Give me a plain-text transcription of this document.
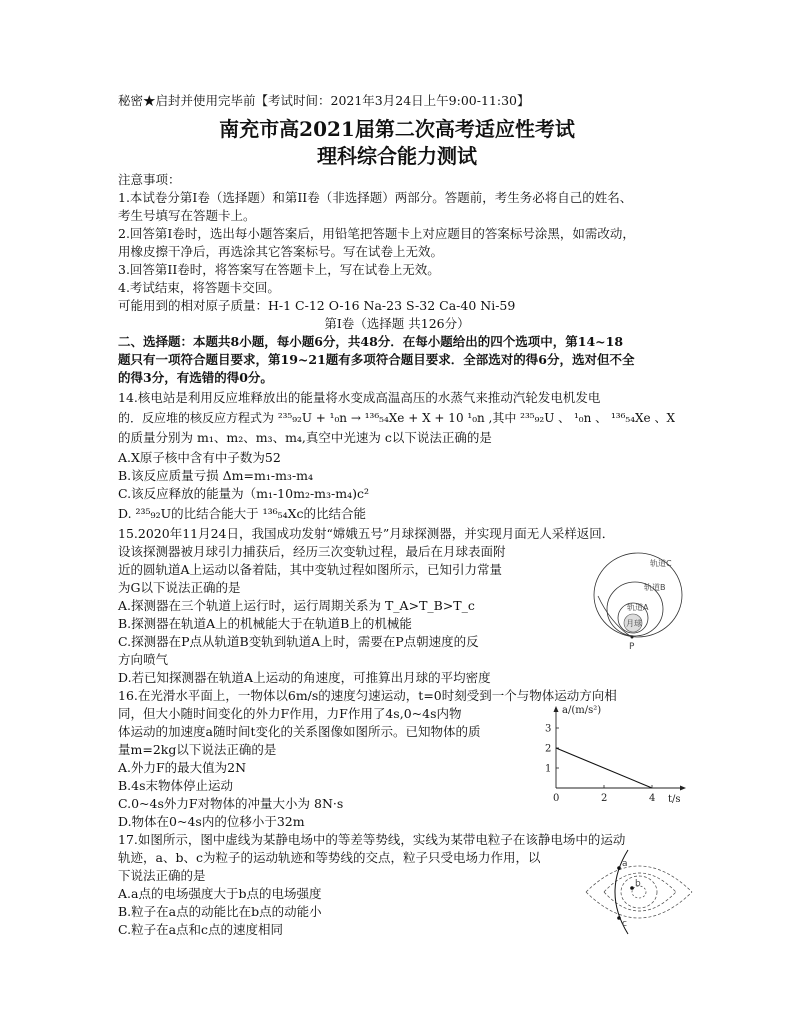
秘密★启封并使用完毕前【考试时间：2021年3月24日上午9:00-11:30】
南充市高2021届第二次高考适应性考试
理科综合能力测试
注意事项：
1.本试卷分第Ⅰ卷（选择题）和第II卷（非选择题）两部分。答题前，考生务必将自己的姓名、
考生号填写在答题卡上。
2.回答第Ⅰ卷时，选出每小题答案后，用铅笔把答题卡上对应题目的答案标号涂黑，如需改动，
用橡皮擦干净后，再选涂其它答案标号。写在试卷上无效。
3.回答第II卷时，将答案写在答题卡上，写在试卷上无效。
4.考试结束，将答题卡交回。
可能用到的相对原子质量：H-1 C-12 O-16 Na-23 S-32 Ca-40 Ni-59
第Ⅰ卷（选择题 共126分）
二、选择题：本题共8小题，每小题6分，共48分．在每小题给出的四个选项中，第14~18
题只有一项符合题目要求，第19~21题有多项符合题目要求．全部选对的得6分，选对但不全
的得3分，有选错的得0分。
14.核电站是利用反应堆释放出的能量将水变成高温高压的水蒸气来推动汽轮发电机发电
的．反应堆的核反应方程式为 ²³⁵₉₂U + ¹₀n → ¹³⁶₅₄Xe + X + 10 ¹₀n ,其中 ²³⁵₉₂U 、 ¹₀n 、 ¹³⁶₅₄Xe 、X
的质量分别为 m₁、m₂、m₃、m₄,真空中光速为 c以下说法正确的是
A.X原子核中含有中子数为52
B.该反应质量亏损 Δm=m₁-m₃-m₄
C.该反应释放的能量为（m₁-10m₂-m₃-m₄)c²
D. ²³⁵₉₂U的比结合能大于 ¹³⁶₅₄Xc的比结合能
15.2020年11月24日，我国成功发射“嫦娥五号”月球探测器，并实现月面无人采样返回．
设该探测器被月球引力捕获后，经历三次变轨过程，最后在月球表面附
近的圆轨道A上运动以备着陆，其中变轨过程如图所示，已知引力常量
为G以下说法正确的是
A.探测器在三个轨道上运行时，运行周期关系为 T_A>T_B>T_c
B.探测器在轨道A上的机械能大于在轨道B上的机械能
C.探测器在P点从轨道B变轨到轨道A上时，需要在P点朝速度的反
方向喷气
D.若已知探测器在轨道A上运动的角速度，可推算出月球的平均密度
轨道C
轨道B
轨道A
月球
P
16.在光滑水平面上，一物体以6m/s的速度匀速运动，t=0时刻受到一个与物体运动方向相
同，但大小随时间变化的外力F作用，力F作用了4s,0~4s内物
体运动的加速度a随时间t变化的关系图像如图所示。已知物体的质
量m=2kg以下说法正确的是
A.外力F的最大值为2N
B.4s末物体停止运动
C.0~4s外力F对物体的冲量大小为 8N·s
D.物体在0~4s内的位移小于32m
a/(m/s²)
t/s
0	2	4
1
2
3
17.如图所示，图中虚线为某静电场中的等差等势线，实线为某带电粒子在该静电场中的运动
轨迹，a、b、c为粒子的运动轨迹和等势线的交点，粒子只受电场力作用，以
下说法正确的是
A.a点的电场强度大于b点的电场强度
B.粒子在a点的动能比在b点的动能小
C.粒子在a点和c点的速度相同
a
b
c
